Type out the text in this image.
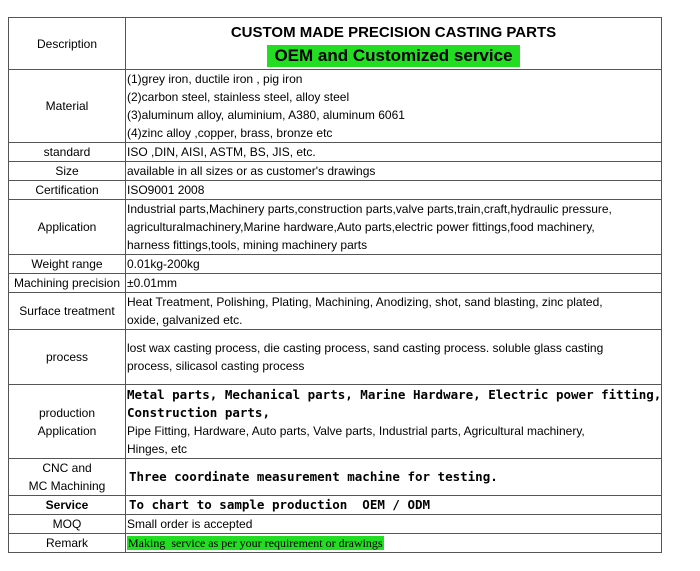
Description	CUSTOM MADE PRECISION CASTING PARTS
OEM and Customized service
Material	(1)grey iron, ductile iron , pig iron
(2)carbon steel, stainless steel, alloy steel
(3)aluminum alloy, aluminium, A380, aluminum 6061
(4)zinc alloy ,copper, brass, bronze etc

standard	ISO ,DIN, AISI, ASTM, BS, JIS, etc.
Size	available in all sizes or as customer's drawings
Certification	ISO9001 2008
Application	Industrial parts,Machinery parts,construction parts,valve parts,train,craft,hydraulic pressure,
agriculturalmachinery,Marine hardware,Auto parts,electric power fittings,food machinery,
harness fittings,tools, mining machinery parts

Weight range	0.01kg-200kg
Machining precision	±0.01mm
Surface treatment	Heat Treatment, Polishing, Plating, Machining, Anodizing, shot, sand blasting, zinc plated,
oxide, galvanized etc.

process	lost wax casting process, die casting process, sand casting process. soluble glass casting
process, silicasol casting process

production
Application	Metal parts, Mechanical parts, Marine Hardware, Electric power fitting,
Construction parts,
Pipe Fitting, Hardware, Auto parts, Valve parts, Industrial parts, Agricultural machinery,
Hinges, etc

CNC and
MC Machining	Three coordinate measurement machine for testing.
Service	To chart to sample production  OEM / ODM
MOQ	Small order is accepted
Remark	Making  service as per your requirement or drawings
